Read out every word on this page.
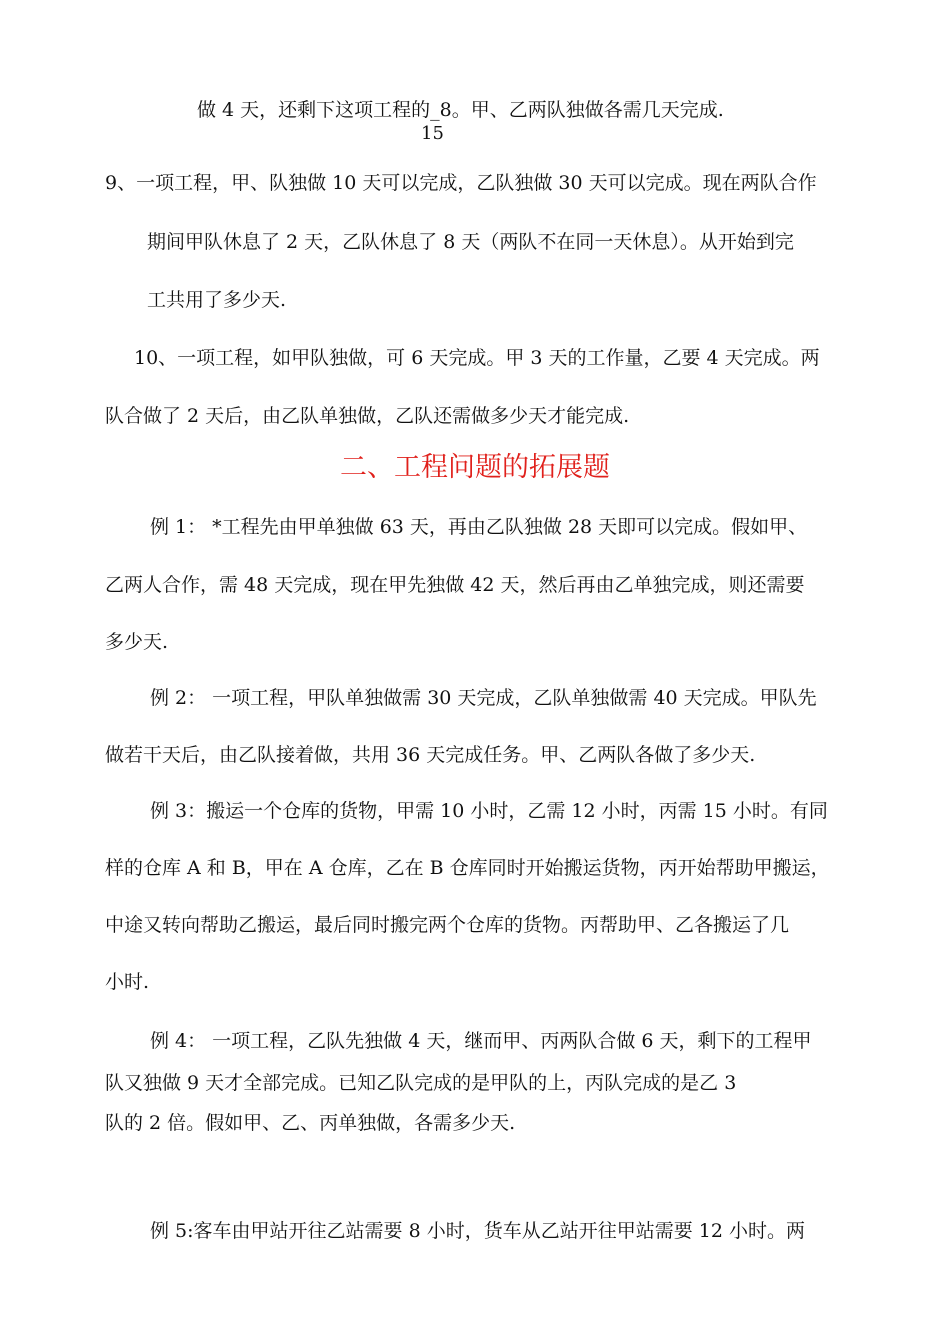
做 4 天，还剩下这项工程的_8。甲、乙两队独做各需几天完成.
15
9、一项工程，甲、队独做 10 天可以完成，乙队独做 30 天可以完成。现在两队合作
期间甲队休息了 2 天，乙队休息了 8 天（两队不在同一天休息）。从开始到完
工共用了多少天.
10、一项工程，如甲队独做，可 6 天完成。甲 3 天的工作量，乙要 4 天完成。两
队合做了 2 天后，由乙队单独做，乙队还需做多少天才能完成.
二、工程问题的拓展题
例 1： *工程先由甲单独做 63 天，再由乙队独做 28 天即可以完成。假如甲、
乙两人合作，需 48 天完成，现在甲先独做 42 天，然后再由乙单独完成，则还需要
多少天.
例 2： 一项工程，甲队单独做需 30 天完成，乙队单独做需 40 天完成。甲队先
做若干天后，由乙队接着做，共用 36 天完成任务。甲、乙两队各做了多少天.
例 3：搬运一个仓库的货物，甲需 10 小时，乙需 12 小时，丙需 15 小时。有同
样的仓库 A 和 B，甲在 A 仓库，乙在 B 仓库同时开始搬运货物，丙开始帮助甲搬运，
中途又转向帮助乙搬运，最后同时搬完两个仓库的货物。丙帮助甲、乙各搬运了几
小时.
例 4： 一项工程，乙队先独做 4 天，继而甲、丙两队合做 6 天，剩下的工程甲
队又独做 9 天才全部完成。已知乙队完成的是甲队的上，丙队完成的是乙 3
队的 2 倍。假如甲、乙、丙单独做，各需多少天.
例 5:客车由甲站开往乙站需要 8 小时，货车从乙站开往甲站需要 12 小时。两
